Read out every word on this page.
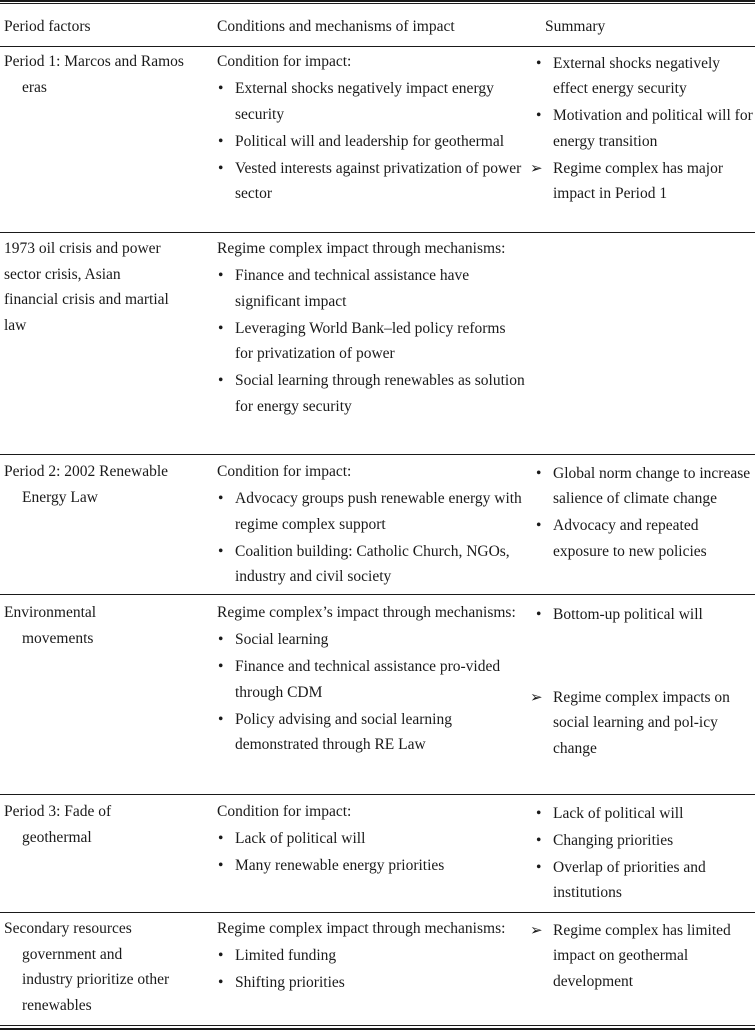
Period factors	Conditions and mechanisms of impact	Summary
Period 1: Marcos and Ramos eras
Condition for impact:
• External shocks negatively impact energy security
• Political will and leadership for geothermal
• Vested interests against privatization of power sector
• External shocks negatively effect energy security
• Motivation and political will for energy transition
➢ Regime complex has major impact in Period 1
1973 oil crisis and power sector crisis, Asian financial crisis and martial law
Regime complex impact through mechanisms:
• Finance and technical assistance have significant impact
• Leveraging World Bank–led policy reforms for privatization of power
• Social learning through renewables as solution for energy security
Period 2: 2002 Renewable Energy Law
Condition for impact:
• Advocacy groups push renewable energy with regime complex support
• Coalition building: Catholic Church, NGOs, industry and civil society
• Global norm change to increase salience of climate change
• Advocacy and repeated exposure to new policies
Environmental movements
Regime complex’s impact through mechanisms:
• Social learning
• Finance and technical assistance pro-vided through CDM
• Policy advising and social learning demonstrated through RE Law
• Bottom-up political will
➢ Regime complex impacts on social learning and pol-icy change
Period 3: Fade of geothermal
Condition for impact:
• Lack of political will
• Many renewable energy priorities
• Lack of political will
• Changing priorities
• Overlap of priorities and institutions
Secondary resources government and industry prioritize other renewables
Regime complex impact through mechanisms:
• Limited funding
• Shifting priorities
➢ Regime complex has limited impact on geothermal development
